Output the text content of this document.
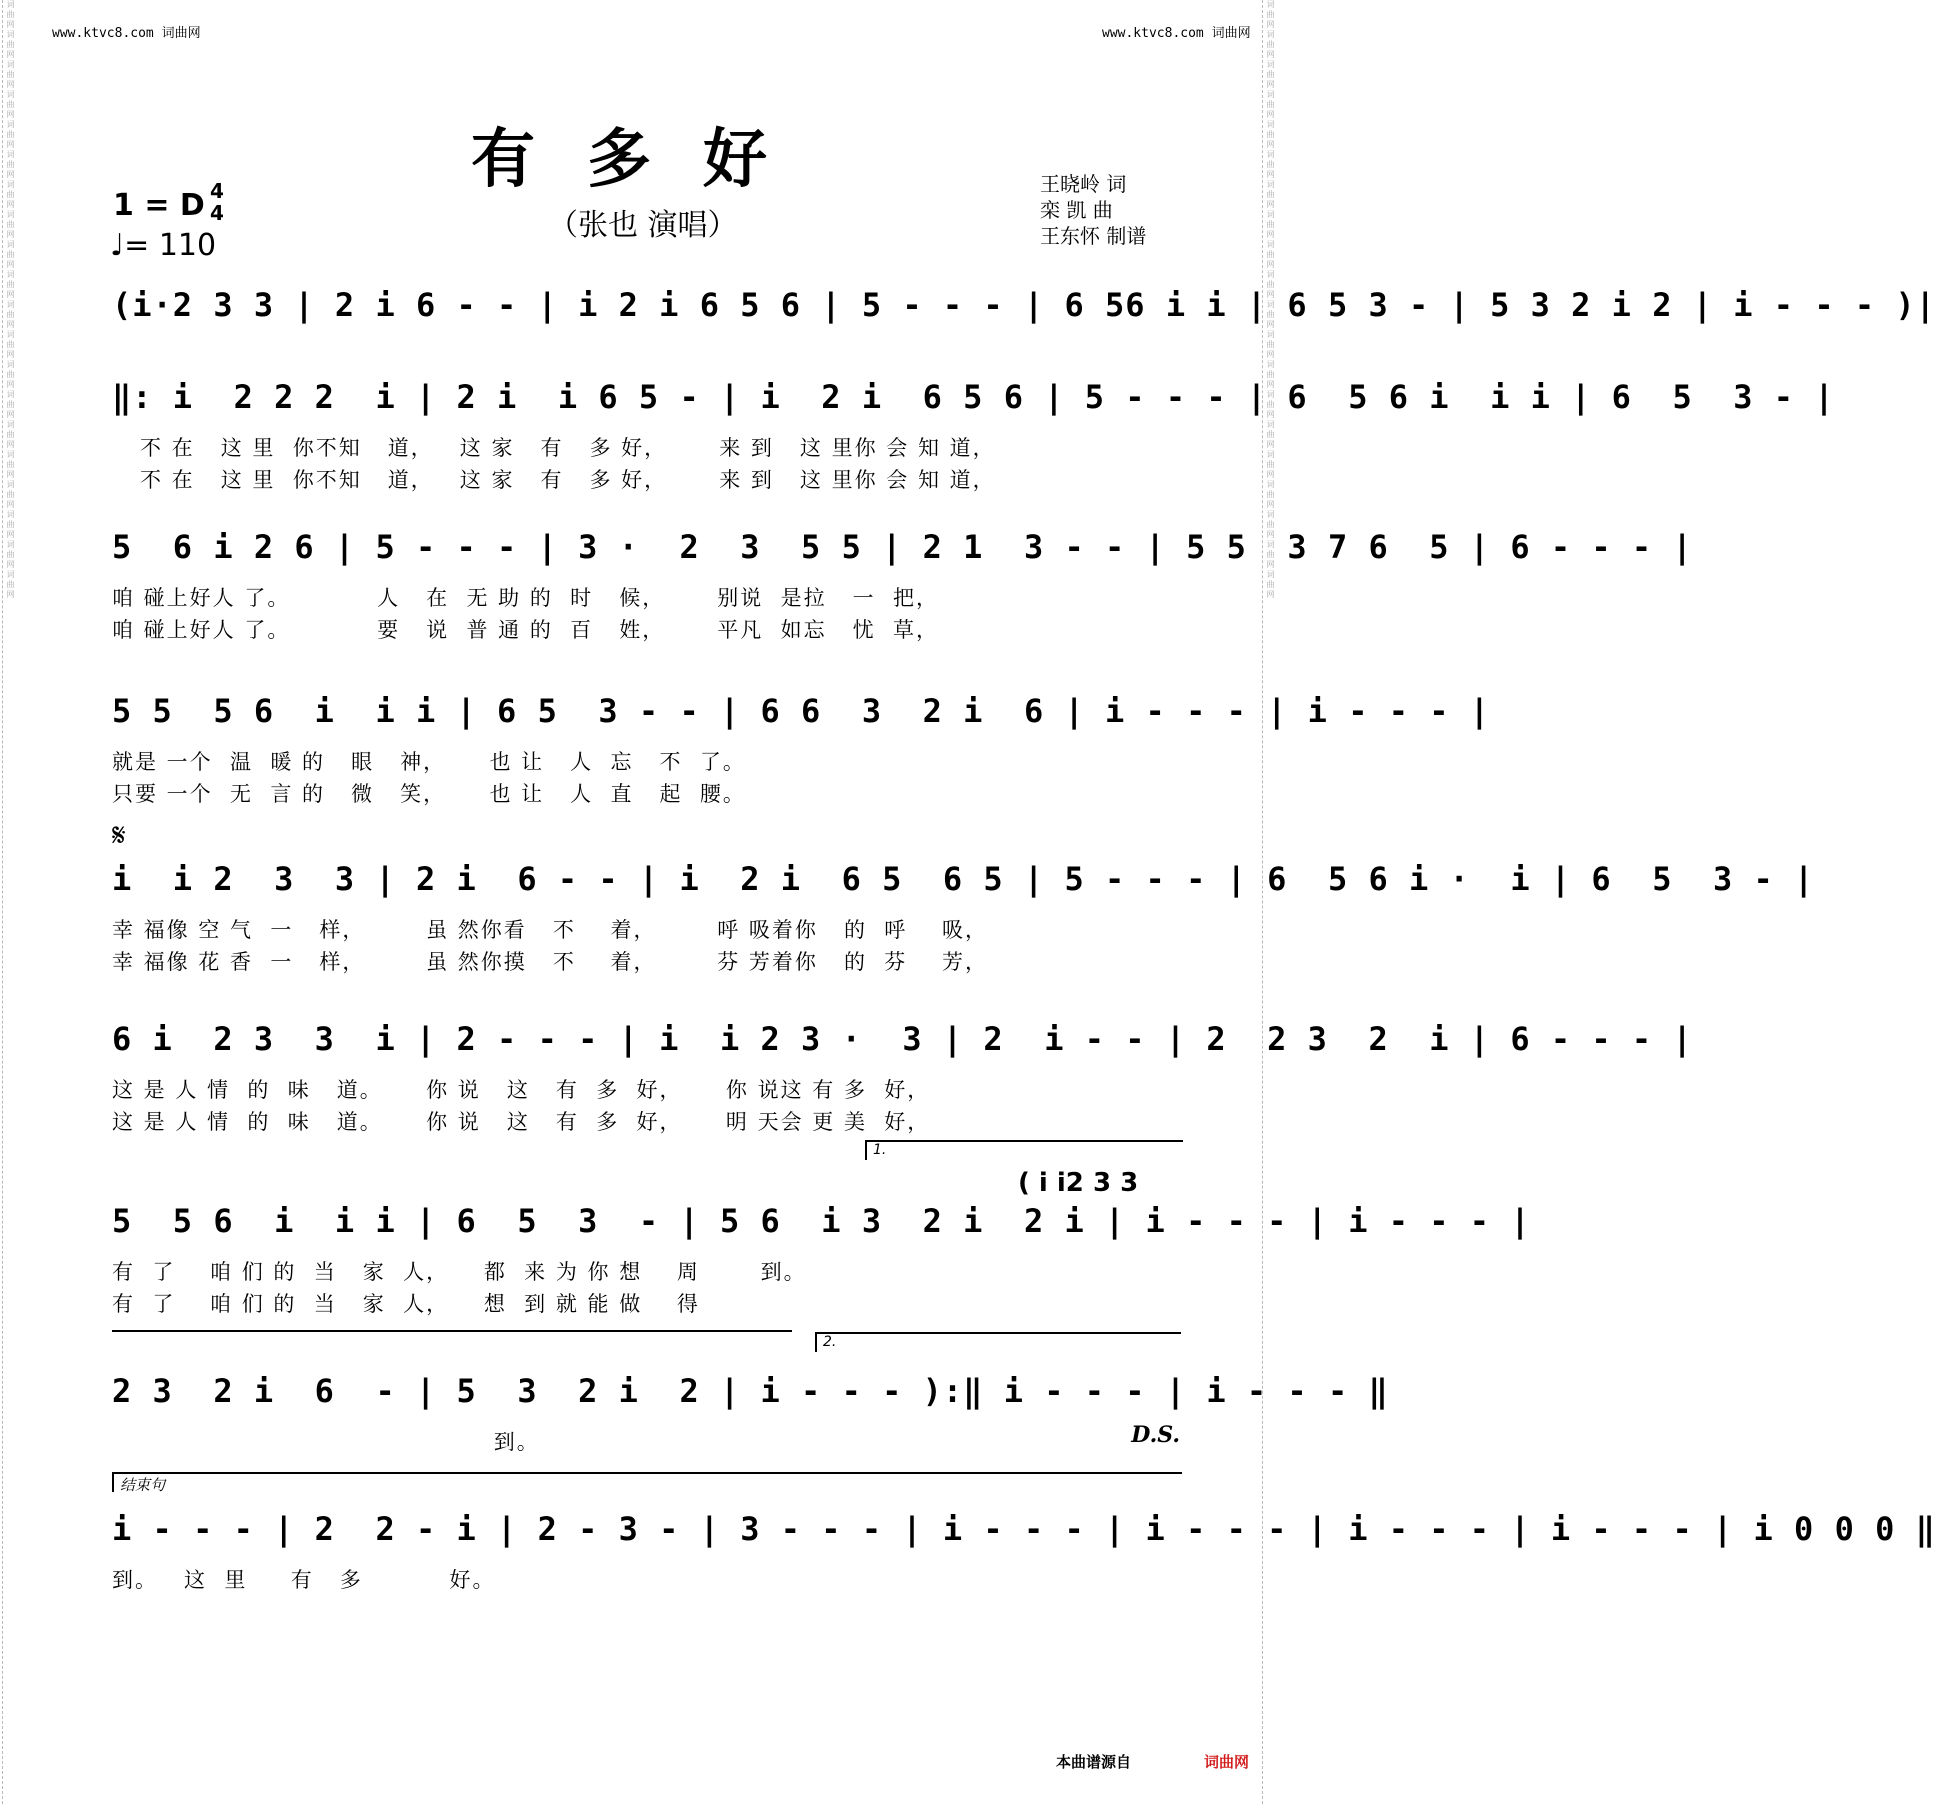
词曲网词曲网词曲网词曲网词曲网词曲网词曲网词曲网词曲网词曲网词曲网词曲网词曲网词曲网词曲网词曲网词曲网词曲网词曲网词曲网	词曲网词曲网词曲网词曲网词曲网词曲网词曲网词曲网词曲网词曲网词曲网词曲网词曲网词曲网词曲网词曲网词曲网词曲网词曲网词曲网
www.ktvc8.com 词曲网	www.ktvc8.com 词曲网
有多好
（张也 演唱）
1 = D 4
4
♩= 110
王晓岭 词
栾 凯 曲
王东怀 制谱
(i·2 3 3 | 2 i 6 - - | i 2 i 6 5 6 | 5 - - - | 6 56 i i | 6 5 3 - | 5 3 2 i 2 | i - - - )|
‖: i  2 2 2  i | 2 i  i 6 5 - | i  2 i  6 5 6 | 5 - - - | 6  5 6 i  i i | 6  5  3 - |
不 在   这 里  你不知   道，   这 家   有   多 好，      来 到   这 里你 会 知 道，
不 在   这 里  你不知   道，   这 家   有   多 好，      来 到   这 里你 会 知 道，
5  6 i 2 6 | 5 - - - | 3 ·  2  3  5 5 | 2 1  3 - - | 5 5  3 7 6  5 | 6 - - - |
咱 碰上好人 了。          人   在  无 助 的  时   候，      别说  是拉   一  把，
咱 碰上好人 了。          要   说  普 通 的  百   姓，      平凡  如忘   忧  草，
5 5  5 6  i  i i | 6 5  3 - - | 6 6  3  2 i  6 | i - - - | i - - - |
就是 一个  温  暖 的   眼   神，     也 让   人  忘   不  了。
只要 一个  无  言 的   微   笑，     也 让   人  直   起  腰。
𝄋
i  i 2  3  3 | 2 i  6 - - | i  2 i  6 5  6 5 | 5 - - - | 6  5 6 i ·  i | 6  5  3 - |
幸 福像 空 气  一   样，       虽 然你看   不    着，       呼 吸着你   的  呼    吸，
幸 福像 花 香  一   样，       虽 然你摸   不    着，       芬 芳着你   的  芬    芳，
6 i  2 3  3  i | 2 - - - | i  i 2 3 ·  3 | 2  i - - | 2  2 3  2  i | 6 - - - |
这 是 人 情  的  味   道。     你 说   这   有  多  好，     你 说这 有 多  好，
这 是 人 情  的  味   道。     你 说   这   有  多  好，     明 天会 更 美  好，
1.
( i i2 3 3
5  5 6  i  i i | 6  5  3  - | 5 6  i 3  2 i  2 i | i - - - | i - - - |
有  了    咱 们 的  当   家  人，    都  来 为 你 想    周       到。
有  了    咱 们 的  当   家  人，    想  到 就 能 做    得
2.
2 3  2 i  6  - | 5  3  2 i  2 | i - - - ):‖ i - - - | i - - - ‖
到。	D.S.
结束句
i - - - | 2  2 - i | 2 - 3 - | 3 - - - | i - - - | i - - - | i - - - | i - - - | i 0 0 0 ‖
到。   这  里     有   多          好。
本曲谱源自	词曲网
